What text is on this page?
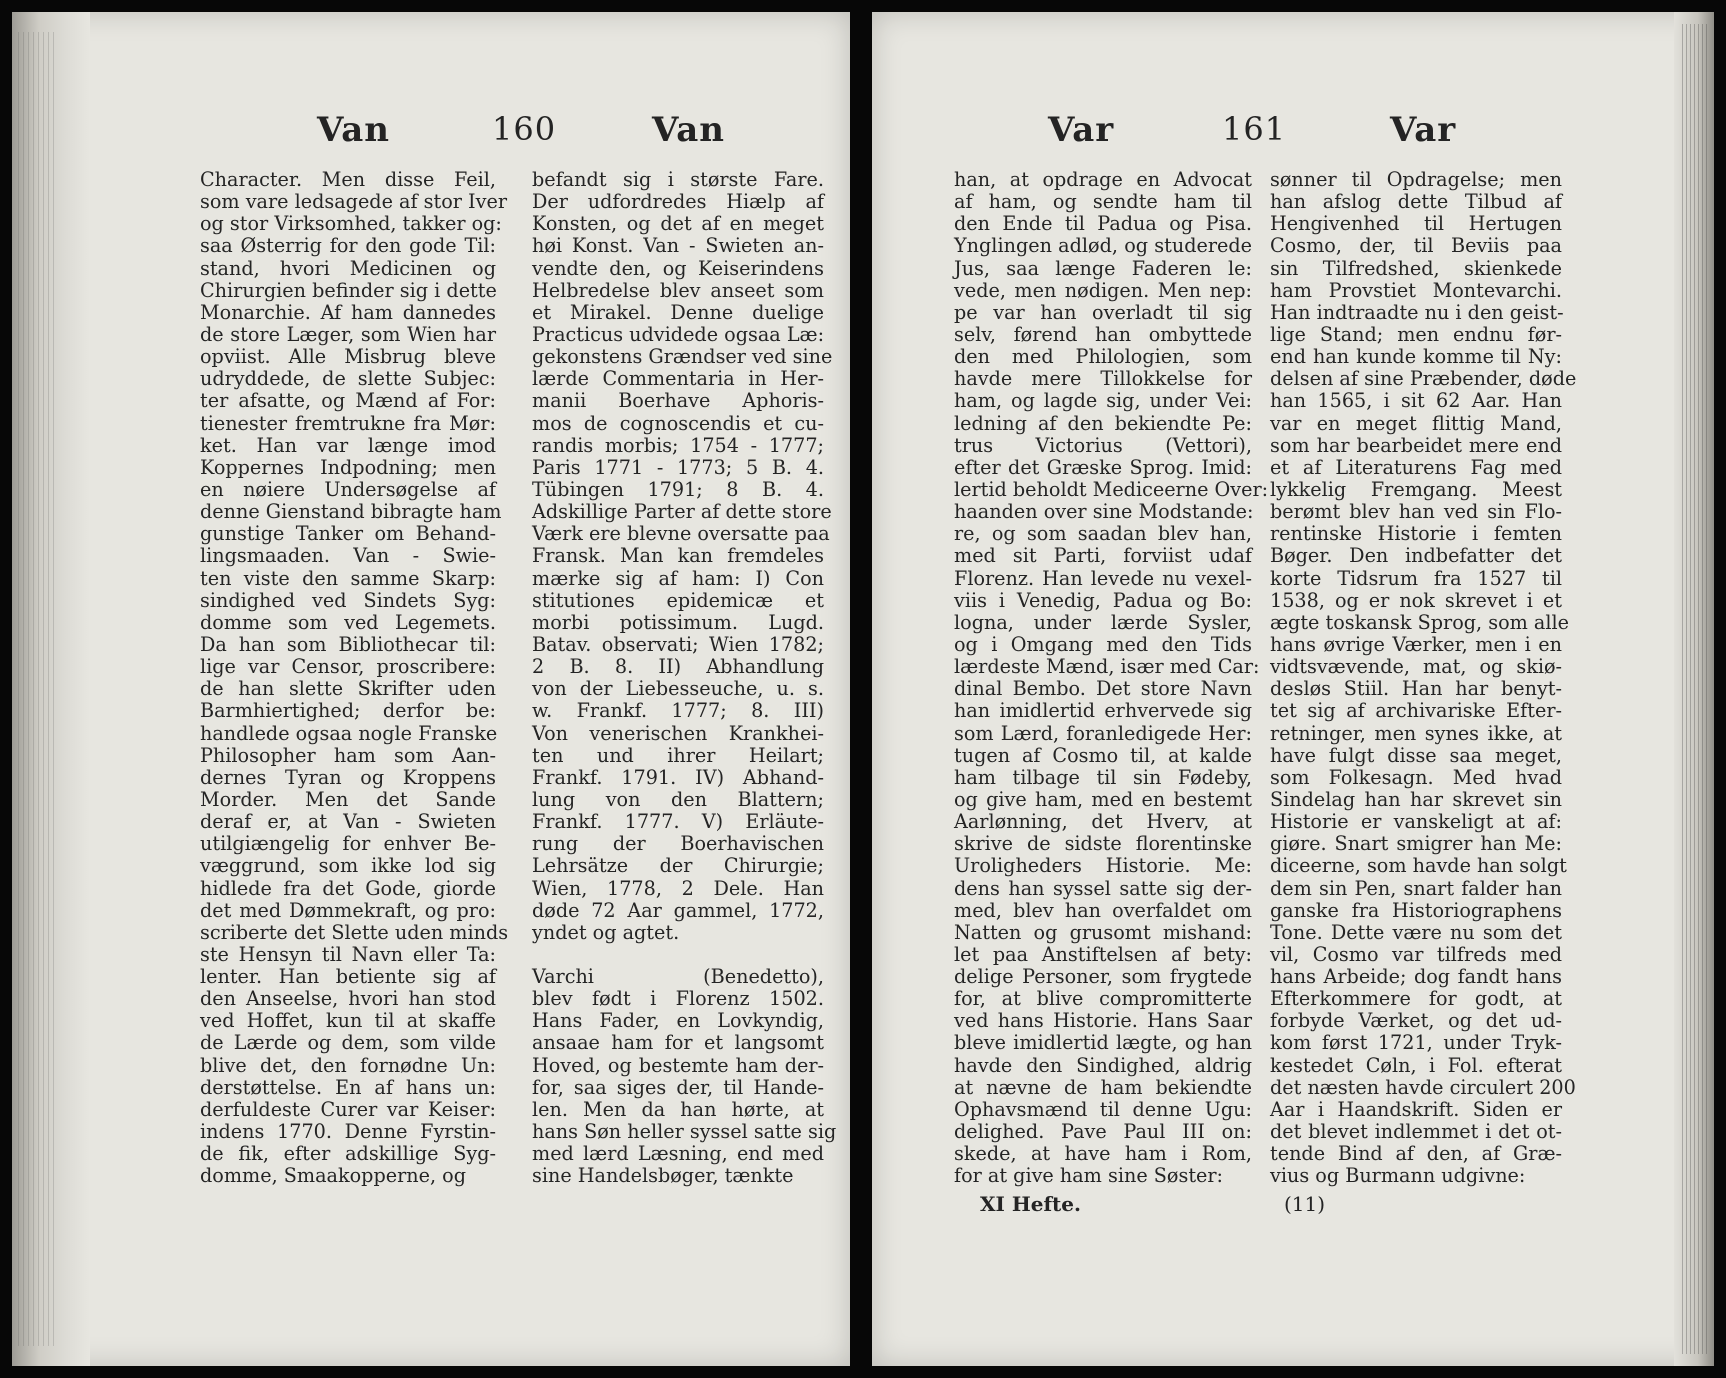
Van	160	Van
Character. Men disse Feil,
som vare ledsagede af stor Iver
og stor Virksomhed, takker og:
saa Østerrig for den gode Til:
stand, hvori Medicinen og
Chirurgien befinder sig i dette
Monarchie. Af ham dannedes
de store Læger, som Wien har
opviist. Alle Misbrug bleve
udryddede, de slette Subjec:
ter afsatte, og Mænd af For:
tienester fremtrukne fra Mør:
ket. Han var længe imod
Koppernes Indpodning; men
en nøiere Undersøgelse af
denne Gienstand bibragte ham
gunstige Tanker om Behand-
lingsmaaden. Van - Swie-
ten viste den samme Skarp:
sindighed ved Sindets Syg:
domme som ved Legemets.
Da han som Bibliothecar til:
lige var Censor, proscribere:
de han slette Skrifter uden
Barmhiertighed; derfor be:
handlede ogsaa nogle Franske
Philosopher ham som Aan-
dernes Tyran og Kroppens
Morder. Men det Sande
deraf er, at Van - Swieten
utilgiængelig for enhver Be-
væggrund, som ikke lod sig
hidlede fra det Gode, giorde
det med Dømmekraft, og pro:
scriberte det Slette uden minds
ste Hensyn til Navn eller Ta:
lenter. Han betiente sig af
den Anseelse, hvori han stod
ved Hoffet, kun til at skaffe
de Lærde og dem, som vilde
blive det, den fornødne Un:
derstøttelse. En af hans un:
derfuldeste Curer var Keiser:
indens 1770. Denne Fyrstin-
de fik, efter adskillige Syg-
domme, Smaakopperne, og
befandt sig i største Fare.
Der udfordredes Hiælp af
Konsten, og det af en meget
høi Konst. Van - Swieten an-
vendte den, og Keiserindens
Helbredelse blev anseet som
et Mirakel. Denne duelige
Practicus udvidede ogsaa Læ:
gekonstens Grændser ved sine
lærde Commentaria in Her-
manii Boerhave Aphoris-
mos de cognoscendis et cu-
randis morbis; 1754 - 1777;
Paris 1771 - 1773; 5 B. 4.
Tübingen 1791; 8 B. 4.
Adskillige Parter af dette store
Værk ere blevne oversatte paa
Fransk. Man kan fremdeles
mærke sig af ham: I) Con
stitutiones epidemicæ et
morbi potissimum. Lugd.
Batav. observati; Wien 1782;
2 B. 8. II) Abhandlung
von der Liebesseuche, u. s.
w. Frankf. 1777; 8. III)
Von venerischen Krankhei-
ten und ihrer Heilart;
Frankf. 1791. IV) Abhand-
lung von den Blattern;
Frankf. 1777. V) Erläute-
rung der Boerhavischen
Lehrsätze der Chirurgie;
Wien, 1778, 2 Dele. Han
døde 72 Aar gammel, 1772,
yndet og agtet.
Varchi (Benedetto),
blev født i Florenz 1502.
Hans Fader, en Lovkyndig,
ansaae ham for et langsomt
Hoved, og bestemte ham der-
for, saa siges der, til Hande-
len. Men da han hørte, at
hans Søn heller syssel satte sig
med lærd Læsning, end med
sine Handelsbøger, tænkte
Var	161	Var
han, at opdrage en Advocat
af ham, og sendte ham til
den Ende til Padua og Pisa.
Ynglingen adlød, og studerede
Jus, saa længe Faderen le:
vede, men nødigen. Men nep:
pe var han overladt til sig
selv, førend han ombyttede
den med Philologien, som
havde mere Tillokkelse for
ham, og lagde sig, under Vei:
ledning af den bekiendte Pe:
trus Victorius (Vettori),
efter det Græske Sprog. Imid:
lertid beholdt Mediceerne Over:
haanden over sine Modstande:
re, og som saadan blev han,
med sit Parti, forviist udaf
Florenz. Han levede nu vexel-
viis i Venedig, Padua og Bo:
logna, under lærde Sysler,
og i Omgang med den Tids
lærdeste Mænd, især med Car:
dinal Bembo. Det store Navn
han imidlertid erhvervede sig
som Lærd, foranledigede Her:
tugen af Cosmo til, at kalde
ham tilbage til sin Fødeby,
og give ham, med en bestemt
Aarlønning, det Hverv, at
skrive de sidste florentinske
Uroligheders Historie. Me:
dens han syssel satte sig der-
med, blev han overfaldet om
Natten og grusomt mishand:
let paa Anstiftelsen af bety:
delige Personer, som frygtede
for, at blive compromitterte
ved hans Historie. Hans Saar
bleve imidlertid lægte, og han
havde den Sindighed, aldrig
at nævne de ham bekiendte
Ophavsmænd til denne Ugu:
delighed. Pave Paul III on:
skede, at have ham i Rom,
for at give ham sine Søster:
sønner til Opdragelse; men
han afslog dette Tilbud af
Hengivenhed til Hertugen
Cosmo, der, til Beviis paa
sin Tilfredshed, skienkede
ham Provstiet Montevarchi.
Han indtraadte nu i den geist-
lige Stand; men endnu før-
end han kunde komme til Ny:
delsen af sine Præbender, døde
han 1565, i sit 62 Aar. Han
var en meget flittig Mand,
som har bearbeidet mere end
et af Literaturens Fag med
lykkelig Fremgang. Meest
berømt blev han ved sin Flo-
rentinske Historie i femten
Bøger. Den indbefatter det
korte Tidsrum fra 1527 til
1538, og er nok skrevet i et
ægte toskansk Sprog, som alle
hans øvrige Værker, men i en
vidtsvævende, mat, og skiø-
desløs Stiil. Han har benyt-
tet sig af archivariske Efter-
retninger, men synes ikke, at
have fulgt disse saa meget,
som Folkesagn. Med hvad
Sindelag han har skrevet sin
Historie er vanskeligt at af:
giøre. Snart smigrer han Me:
diceerne, som havde han solgt
dem sin Pen, snart falder han
ganske fra Historiographens
Tone. Dette være nu som det
vil, Cosmo var tilfreds med
hans Arbeide; dog fandt hans
Efterkommere for godt, at
forbyde Værket, og det ud-
kom først 1721, under Tryk-
kestedet Cøln, i Fol. efterat
det næsten havde circulert 200
Aar i Haandskrift. Siden er
det blevet indlemmet i det ot-
tende Bind af den, af Græ-
vius og Burmann udgivne:
XI Hefte.	(11)
